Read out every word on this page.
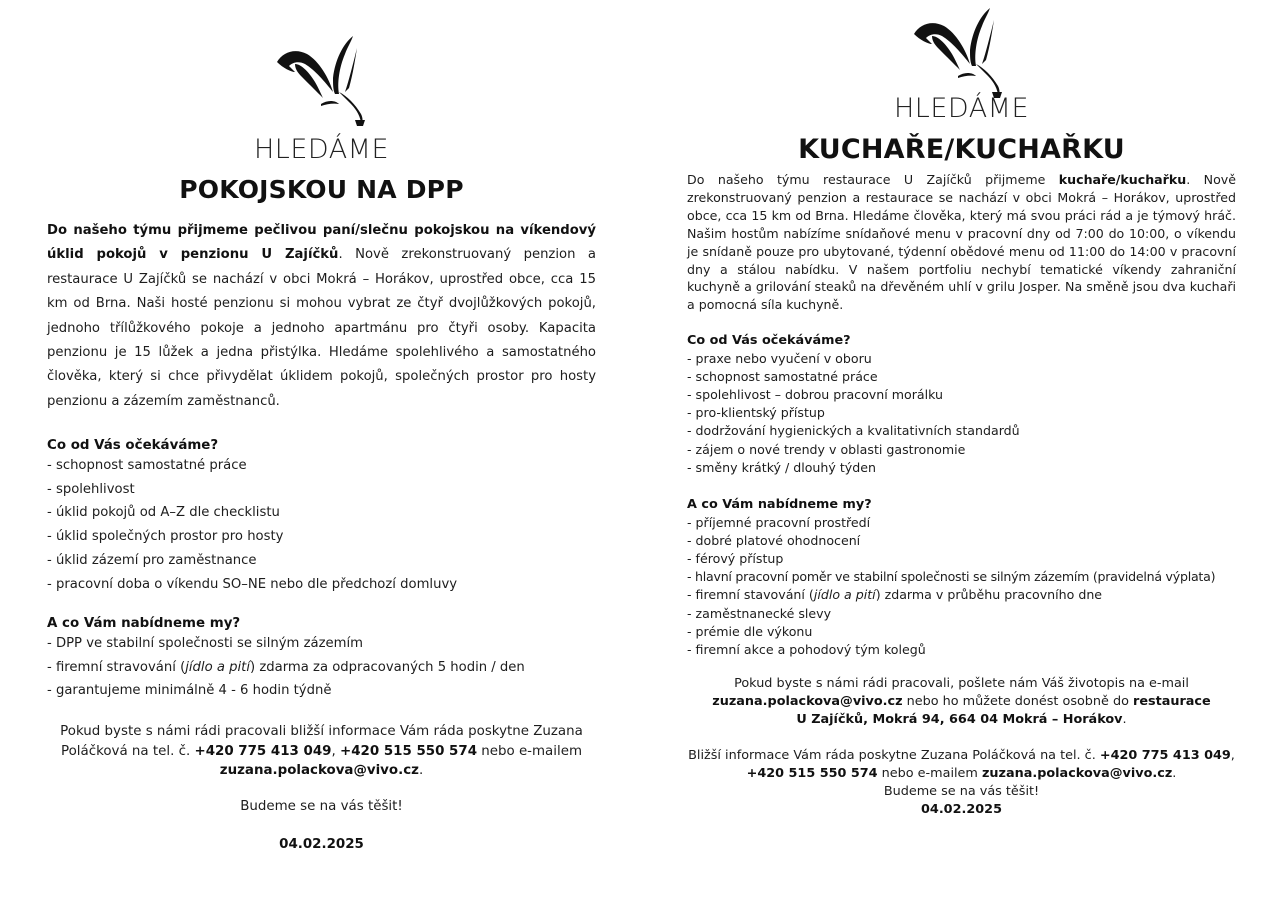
HLEDÁME
POKOJSKOU NA DPP
Do našeho týmu přijmeme pečlivou paní/slečnu pokojskou na víkendový úklid pokojů v penzionu U Zajíčků. Nově zrekonstruovaný penzion a restaurace U Zajíčků se nachází v obci Mokrá – Horákov, uprostřed obce, cca 15 km od Brna. Naši hosté penzionu si mohou vybrat ze čtyř dvojlůžkových pokojů, jednoho třílůžkového pokoje a jednoho apartmánu pro čtyři osoby. Kapacita penzionu je 15 lůžek a jedna přistýlka. Hledáme spolehlivého a samostatného člověka, který si chce přivydělat úklidem pokojů, společných prostor pro hosty penzionu a zázemím zaměstnanců.
Co od Vás očekáváme?
- schopnost samostatné práce
- spolehlivost
- úklid pokojů od A–Z dle checklistu
- úklid společných prostor pro hosty
- úklid zázemí pro zaměstnance
- pracovní doba o víkendu SO–NE nebo dle předchozí domluvy
A co Vám nabídneme my?
- DPP ve stabilní společnosti se silným zázemím
- firemní stravování (jídlo a pití) zdarma za odpracovaných 5 hodin / den
- garantujeme minimálně 4 - 6 hodin týdně
Pokud byste s námi rádi pracovali bližší informace Vám ráda poskytne Zuzana Poláčková na tel. č. +420 775 413 049, +420 515 550 574 nebo e-mailem zuzana.polackova@vivo.cz.
Budeme se na vás těšit!
04.02.2025
HLEDÁME
KUCHAŘE/KUCHAŘKU
Do našeho týmu restaurace U Zajíčků přijmeme kuchaře/kuchařku. Nově zrekonstruovaný penzion a restaurace se nachází v obci Mokrá – Horákov, uprostřed obce, cca 15 km od Brna. Hledáme člověka, který má svou práci rád a je týmový hráč. Našim hostům nabízíme snídaňové menu v pracovní dny od 7:00 do 10:00, o víkendu je snídaně pouze pro ubytované, týdenní obědové menu od 11:00 do 14:00 v pracovní dny a stálou nabídku. V našem portfoliu nechybí tematické víkendy zahraniční kuchyně a grilování steaků na dřevěném uhlí v grilu Josper. Na směně jsou dva kuchaři a pomocná síla kuchyně.
Co od Vás očekáváme?
- praxe nebo vyučení v oboru
- schopnost samostatné práce
- spolehlivost – dobrou pracovní morálku
- pro-klientský přístup
- dodržování hygienických a kvalitativních standardů
- zájem o nové trendy v oblasti gastronomie
- směny krátký / dlouhý týden
A co Vám nabídneme my?
- příjemné pracovní prostředí
- dobré platové ohodnocení
- férový přístup
- hlavní pracovní poměr ve stabilní společnosti se silným zázemím (pravidelná výplata)
- firemní stavování (jídlo a pití) zdarma v průběhu pracovního dne
- zaměstnanecké slevy
- prémie dle výkonu
- firemní akce a pohodový tým kolegů
Pokud byste s námi rádi pracovali, pošlete nám Váš životopis na e-mail zuzana.polackova@vivo.cz nebo ho můžete donést osobně do restaurace U Zajíčků, Mokrá 94, 664 04 Mokrá – Horákov.
Bližší informace Vám ráda poskytne Zuzana Poláčková na tel. č. +420 775 413 049,
+420 515 550 574 nebo e-mailem zuzana.polackova@vivo.cz.
Budeme se na vás těšit!
04.02.2025
